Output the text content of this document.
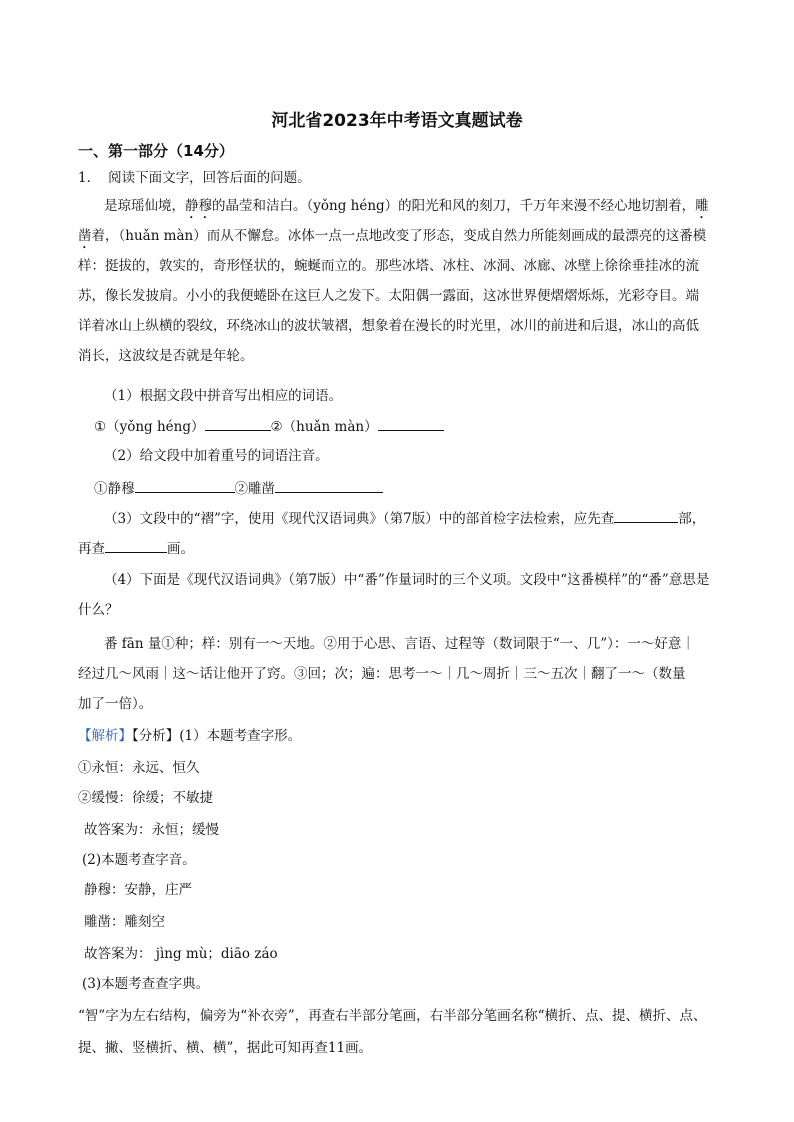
河北省2023年中考语文真题试卷
一、第一部分（14分）
1． 阅读下面文字，回答后面的问题。
是琼瑶仙境，静穆的晶莹和洁白。（yǒng héng）的阳光和风的刻刀，千万年来漫不经心地切割着，雕
凿着，（huǎn màn）而从不懈怠。冰体一点一点地改变了形态，变成自然力所能刻画成的最漂亮的这番模
样：挺拔的，敦实的，奇形怪状的，蜿蜒而立的。那些冰塔、冰柱、冰洞、冰廊、冰壁上徐徐垂挂冰的流
苏，像长发披肩。小小的我便蜷卧在这巨人之发下。太阳偶一露面，这冰世界便熠熠烁烁，光彩夺目。端
详着冰山上纵横的裂纹，环绕冰山的波状皱褶，想象着在漫长的时光里，冰川的前进和后退，冰山的高低
消长，这波纹是否就是年轮。
（1）根据文段中拼音写出相应的词语。
①（yǒng héng）	②（huǎn màn）
（2）给文段中加着重号的词语注音。
①静穆	②雕凿
（3）文段中的“褶”字，使用《现代汉语词典》（第7版）中的部首检字法检索，应先查	部，
再查	画。
（4）下面是《现代汉语词典》（第7版）中“番”作量词时的三个义项。文段中“这番模样”的“番”意思是
什么？
番 fān 量①种；样：别有一～天地。②用于心思、言语、过程等（数词限于“一、几”）：一～好意｜
经过几～风雨｜这～话让他开了窍。③回；次；遍：思考一～｜几～周折｜三～五次｜翻了一～（数量
加了一倍）。
【解析】【分析】(1）本题考查字形。
①永恒：永远、恒久
②缓慢：徐缓；不敏捷
故答案为：永恒；缓慢
(2)本题考查字音。
静穆：安静，庄严
雕凿：雕刻空
故答案为： jìng mù；diāo záo
(3)本题考查查字典。
“智”字为左右结构，偏旁为“补衣旁”，再查右半部分笔画，右半部分笔画名称“横折、点、提、横折、点、
提、撇、竖横折、横、横”，据此可知再查11画。
